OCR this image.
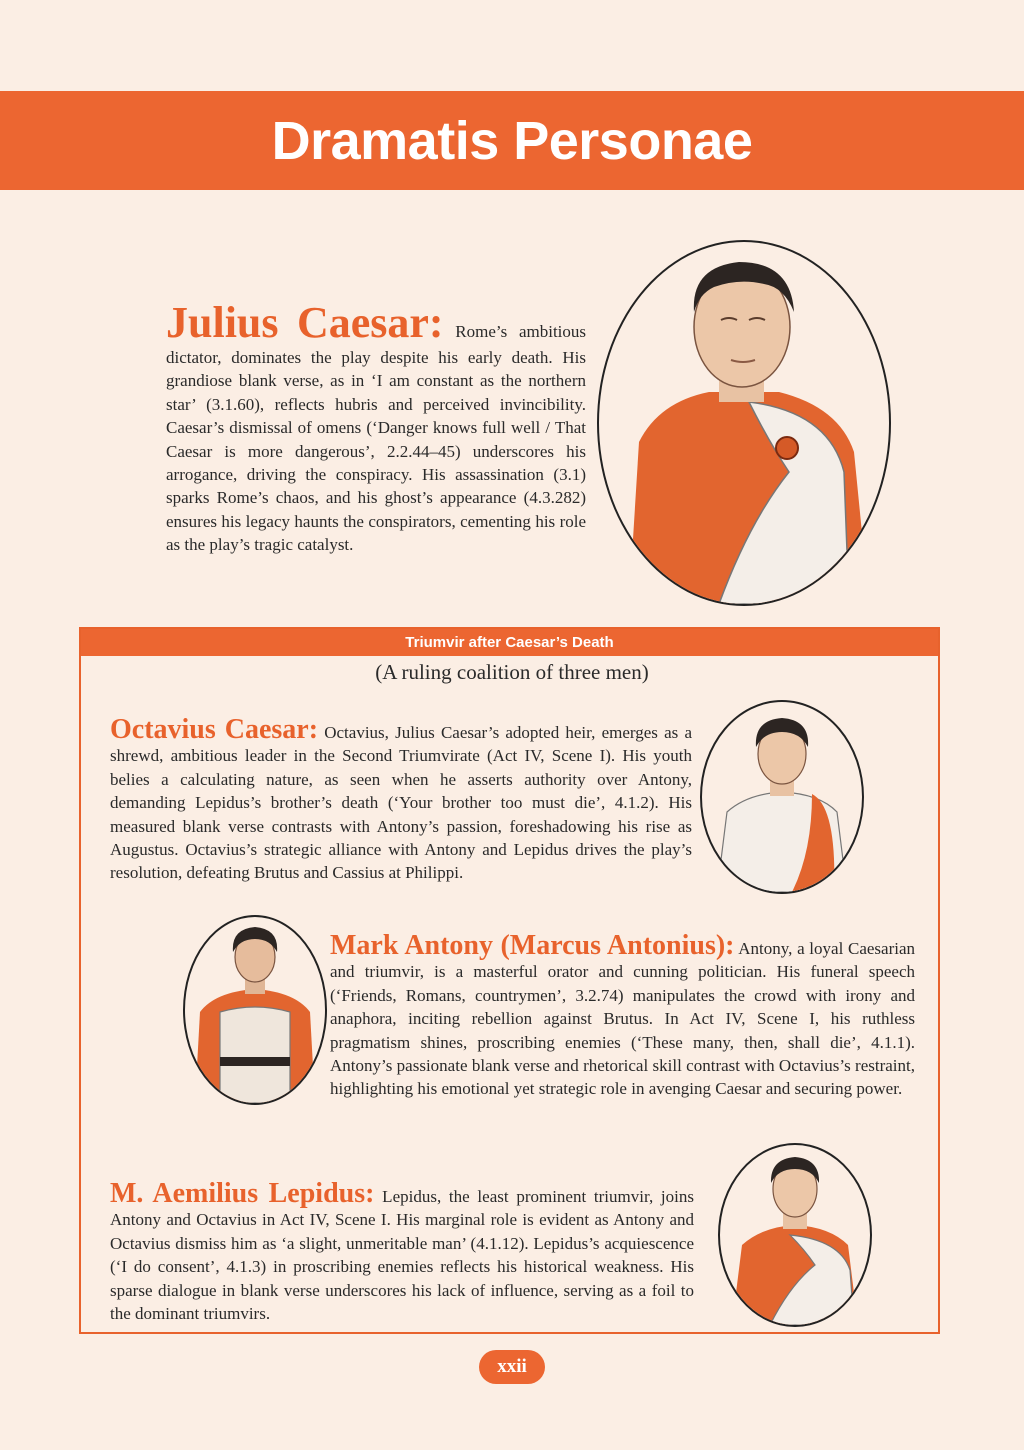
Dramatis Personae

Julius Caesar: Rome’s ambitious dictator, dominates the play despite his early death. His grandiose blank verse, as in ‘I am constant as the northern star’ (3.1.60), reflects hubris and perceived invincibility. Caesar’s dismissal of omens (‘Danger knows full well / That Caesar is more dangerous’, 2.2.44–45) underscores his arrogance, driving the conspiracy. His assassination (3.1) sparks Rome’s chaos, and his ghost’s appearance (4.3.282) ensures his legacy haunts the conspirators, cementing his role as the play’s tragic catalyst.

Triumvir after Caesar’s Death

(A ruling coalition of three men)

Octavius Caesar: Octavius, Julius Caesar’s adopted heir, emerges as a shrewd, ambitious leader in the Second Triumvirate (Act IV, Scene I). His youth belies a calculating nature, as seen when he asserts authority over Antony, demanding Lepidus’s brother’s death (‘Your brother too must die’, 4.1.2). His measured blank verse contrasts with Antony’s passion, foreshadowing his rise as Augustus. Octavius’s strategic alliance with Antony and Lepidus drives the play’s resolution, defeating Brutus and Cassius at Philippi.

Mark Antony (Marcus Antonius): Antony, a loyal Caesarian and triumvir, is a masterful orator and cunning politician. His funeral speech (‘Friends, Romans, countrymen’, 3.2.74) manipulates the crowd with irony and anaphora, inciting rebellion against Brutus. In Act IV, Scene I, his ruthless pragmatism shines, proscribing enemies (‘These many, then, shall die’, 4.1.1). Antony’s passionate blank verse and rhetorical skill contrast with Octavius’s restraint, highlighting his emotional yet strategic role in avenging Caesar and securing power.

M. Aemilius Lepidus: Lepidus, the least prominent triumvir, joins Antony and Octavius in Act IV, Scene I. His marginal role is evident as Antony and Octavius dismiss him as ‘a slight, unmeritable man’ (4.1.12). Lepidus’s acquiescence (‘I do consent’, 4.1.3) in proscribing enemies reflects his historical weakness. His sparse dialogue in blank verse underscores his lack of influence, serving as a foil to the dominant triumvirs.

xxii
